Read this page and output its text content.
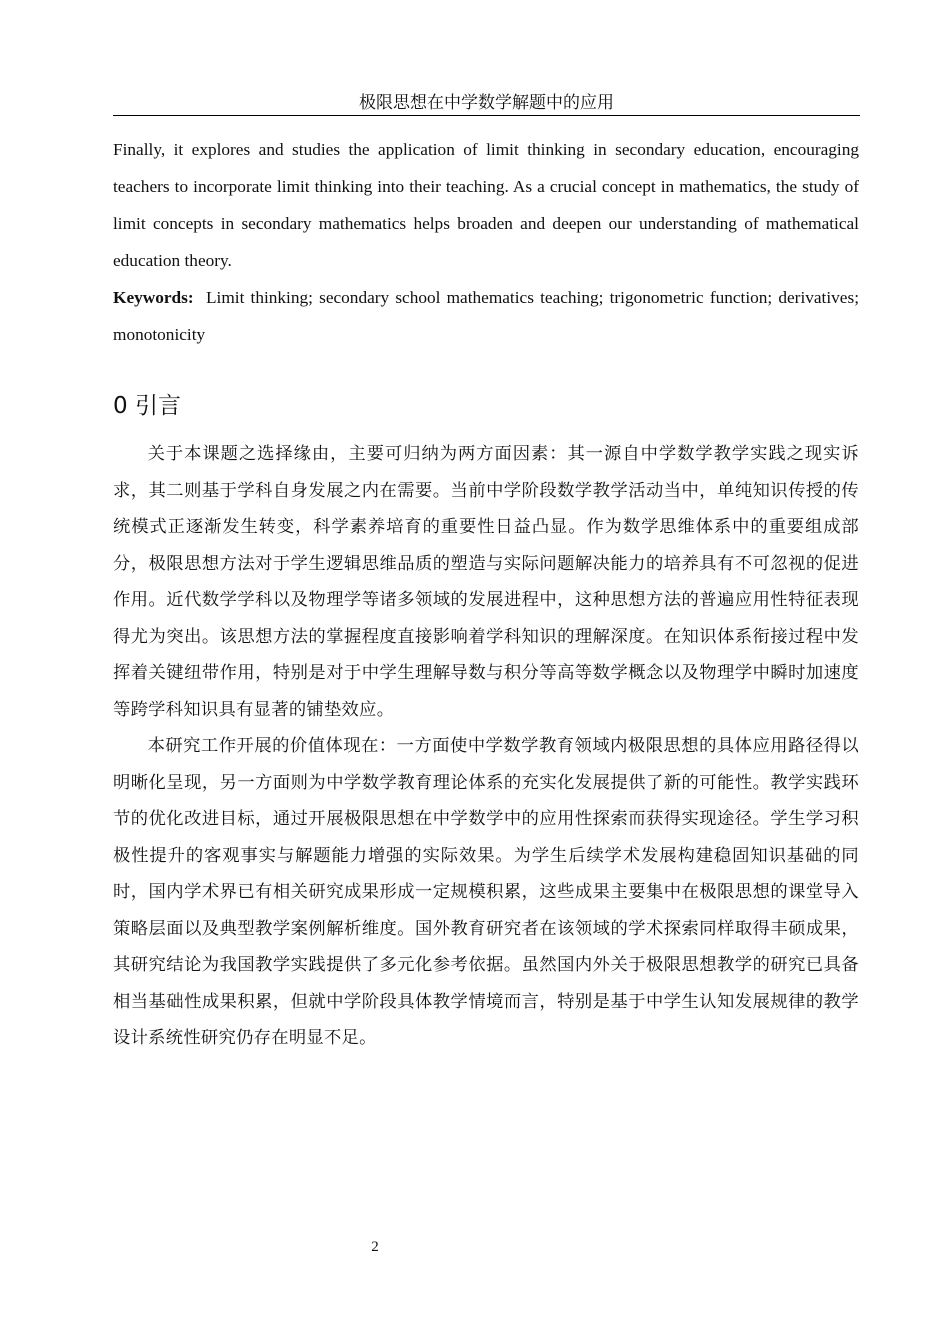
极限思想在中学数学解题中的应用

Finally, it explores and studies the application of limit thinking in secondary education, encouraging teachers to incorporate limit thinking into their teaching. As a crucial concept in mathematics, the study of limit concepts in secondary mathematics helps broaden and deepen our understanding of mathematical education theory.

Keywords: Limit thinking; secondary school mathematics teaching; trigonometric function; derivatives; monotonicity

0 引言

关于本课题之选择缘由，主要可归纳为两方面因素：其一源自中学数学教学实践之现实诉求，其二则基于学科自身发展之内在需要。当前中学阶段数学教学活动当中，单纯知识传授的传统模式正逐渐发生转变，科学素养培育的重要性日益凸显。作为数学思维体系中的重要组成部分，极限思想方法对于学生逻辑思维品质的塑造与实际问题解决能力的培养具有不可忽视的促进作用。近代数学学科以及物理学等诸多领域的发展进程中，这种思想方法的普遍应用性特征表现得尤为突出。该思想方法的掌握程度直接影响着学科知识的理解深度。在知识体系衔接过程中发挥着关键纽带作用，特别是对于中学生理解导数与积分等高等数学概念以及物理学中瞬时加速度等跨学科知识具有显著的铺垫效应。

本研究工作开展的价值体现在：一方面使中学数学教育领域内极限思想的具体应用路径得以明晰化呈现，另一方面则为中学数学教育理论体系的充实化发展提供了新的可能性。教学实践环节的优化改进目标，通过开展极限思想在中学数学中的应用性探索而获得实现途径。学生学习积极性提升的客观事实与解题能力增强的实际效果。为学生后续学术发展构建稳固知识基础的同时，国内学术界已有相关研究成果形成一定规模积累，这些成果主要集中在极限思想的课堂导入策略层面以及典型教学案例解析维度。国外教育研究者在该领域的学术探索同样取得丰硕成果，其研究结论为我国教学实践提供了多元化参考依据。虽然国内外关于极限思想教学的研究已具备相当基础性成果积累，但就中学阶段具体教学情境而言，特别是基于中学生认知发展规律的教学设计系统性研究仍存在明显不足。

2
